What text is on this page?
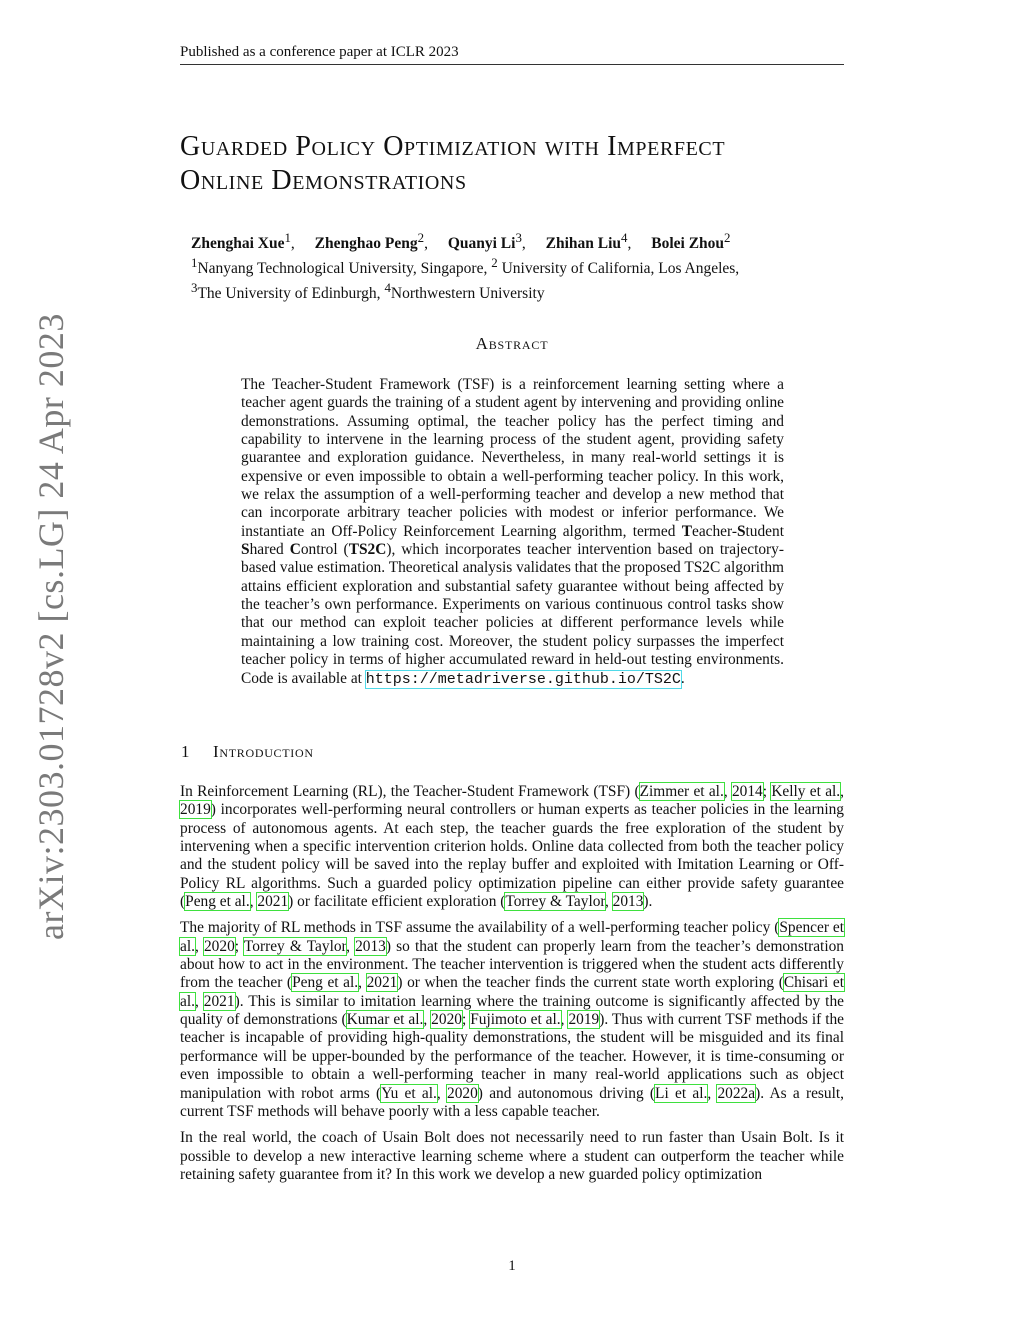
Published as a conference paper at ICLR 2023
arXiv:2303.01728v2 [cs.LG] 24 Apr 2023
Guarded Policy Optimization with Imperfect
Online Demonstrations
Zhenghai Xue$^1$, Zhenghao Peng$^2$, Quanyi Li$^3$, Zhihan Liu$^4$, Bolei Zhou$^2$
$^1$Nanyang Technological University, Singapore, $^2$ University of California, Los Angeles,
$^3$The University of Edinburgh, $^4$Northwestern University
Abstract

The Teacher-Student Framework (TSF) is a reinforcement learning setting where a teacher agent guards the training of a student agent by intervening and providing online demonstrations. Assuming optimal, the teacher policy has the perfect timing and capability to intervene in the learning process of the student agent, providing safety guarantee and exploration guidance. Nevertheless, in many real-world settings it is expensive or even impossible to obtain a well-performing teacher policy. In this work, we relax the assumption of a well-performing teacher and develop a new method that can incorporate arbitrary teacher policies with modest or inferior performance. We instantiate an Off-Policy Reinforcement Learning algorithm, termed Teacher-Student Shared Control (TS2C), which incorporates teacher intervention based on trajectory-based value estimation. Theoretical analysis validates that the proposed TS2C algorithm attains efficient exploration and substantial safety guarantee without being affected by the teacher’s own performance. Experiments on various continuous control tasks show that our method can exploit teacher policies at different performance levels while maintaining a low training cost. Moreover, the student policy surpasses the imperfect teacher policy in terms of higher accumulated reward in held-out testing environments. Code is available at https://metadriverse.github.io/TS2C.

1 Introduction

In Reinforcement Learning (RL), the Teacher-Student Framework (TSF) (Zimmer et al., 2014; Kelly et al., 2019) incorporates well-performing neural controllers or human experts as teacher policies in the learning process of autonomous agents. At each step, the teacher guards the free exploration of the student by intervening when a specific intervention criterion holds. Online data collected from both the teacher policy and the student policy will be saved into the replay buffer and exploited with Imitation Learning or Off-Policy RL algorithms. Such a guarded policy optimization pipeline can either provide safety guarantee (Peng et al., 2021) or facilitate efficient exploration (Torrey & Taylor, 2013).

The majority of RL methods in TSF assume the availability of a well-performing teacher policy (Spencer et al., 2020; Torrey & Taylor, 2013) so that the student can properly learn from the teacher’s demonstration about how to act in the environment. The teacher intervention is triggered when the student acts differently from the teacher (Peng et al., 2021) or when the teacher finds the current state worth exploring (Chisari et al., 2021). This is similar to imitation learning where the training outcome is significantly affected by the quality of demonstrations (Kumar et al., 2020; Fujimoto et al., 2019). Thus with current TSF methods if the teacher is incapable of providing high-quality demonstrations, the student will be misguided and its final performance will be upper-bounded by the performance of the teacher. However, it is time-consuming or even impossible to obtain a well-performing teacher in many real-world applications such as object manipulation with robot arms (Yu et al., 2020) and autonomous driving (Li et al., 2022a). As a result, current TSF methods will behave poorly with a less capable teacher.

In the real world, the coach of Usain Bolt does not necessarily need to run faster than Usain Bolt. Is it possible to develop a new interactive learning scheme where a student can outperform the teacher while retaining safety guarantee from it? In this work we develop a new guarded policy optimization

1
